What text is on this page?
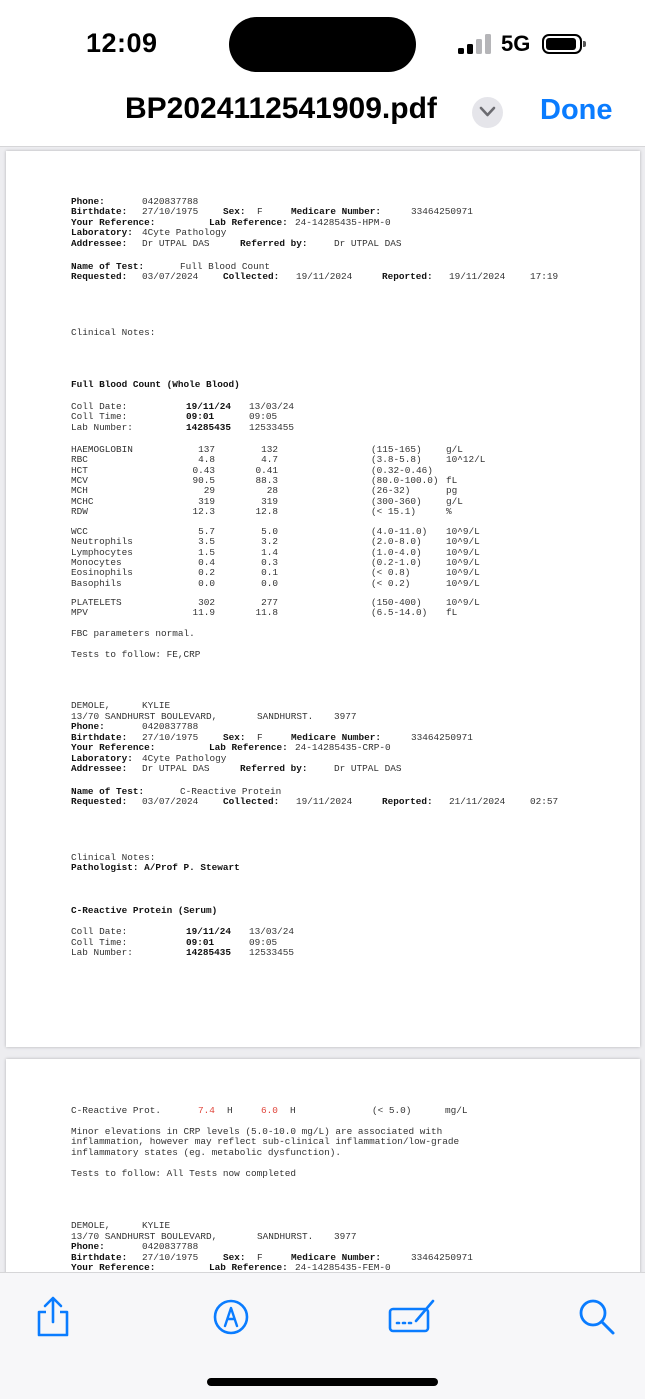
12:09	5G
BP2024112541909.pdf	Done
Phone:	0420837788
Birthdate: 27/10/1975	Sex: F	Medicare Number:	33464250971
Your Reference:	Lab Reference: 24-14285435-HPM-0
Laboratory: 4Cyte Pathology
Addressee: Dr UTPAL DAS	Referred by:	Dr UTPAL DAS
Name of Test:	Full Blood Count
Requested: 03/07/2024	Collected: 19/11/2024	Reported: 19/11/2024	17:19
Clinical Notes:
Full Blood Count (Whole Blood)
Coll Date:	19/11/24 13/03/24
Coll Time:	09:01	09:05
Lab Number:	14285435 12533455
HAEMOGLOBIN	137	132	(115-165)	g/L
RBC	4.8	4.7	(3.8-5.8)	10^12/L
HCT	0.43	0.41	(0.32-0.46)
MCV	90.5	88.3	(80.0-100.0) fL
MCH	29	28	(26-32)	pg
MCHC	319	319	(300-360)	g/L
RDW	12.3	12.8	(< 15.1)	%
WCC	5.7	5.0	(4.0-11.0) 10^9/L
Neutrophils	3.5	3.2	(2.0-8.0)	10^9/L
Lymphocytes	1.5	1.4	(1.0-4.0)	10^9/L
Monocytes	0.4	0.3	(0.2-1.0)	10^9/L
Eosinophils	0.2	0.1	(< 0.8)	10^9/L
Basophils	0.0	0.0	(< 0.2)	10^9/L
PLATELETS	302	277	(150-400)	10^9/L
MPV	11.9	11.8	(6.5-14.0) fL
FBC parameters normal.
Tests to follow: FE,CRP
DEMOLE,	KYLIE
13/70 SANDHURST BOULEVARD,	SANDHURST. 3977
Phone:	0420837788
Birthdate: 27/10/1975	Sex: F	Medicare Number:	33464250971
Your Reference:	Lab Reference: 24-14285435-CRP-0
Laboratory: 4Cyte Pathology
Addressee: Dr UTPAL DAS	Referred by:	Dr UTPAL DAS
Name of Test:	C-Reactive Protein
Requested: 03/07/2024	Collected: 19/11/2024	Reported: 21/11/2024	02:57
Clinical Notes:
Pathologist: A/Prof P. Stewart
C-Reactive Protein (Serum)
Coll Date:	19/11/24 13/03/24
Coll Time:	09:01	09:05
Lab Number:	14285435 12533455
C-Reactive Prot.	7.4 H	6.0 H	(< 5.0)	mg/L
Minor elevations in CRP levels (5.0-10.0 mg/L) are associated with
inflammation, however may reflect sub-clinical inflammation/low-grade
inflammatory states (eg. metabolic dysfunction).
Tests to follow: All Tests now completed
DEMOLE,	KYLIE
13/70 SANDHURST BOULEVARD,	SANDHURST. 3977
Phone:	0420837788
Birthdate: 27/10/1975	Sex: F	Medicare Number:	33464250971
Your Reference:	Lab Reference: 24-14285435-FEM-0
